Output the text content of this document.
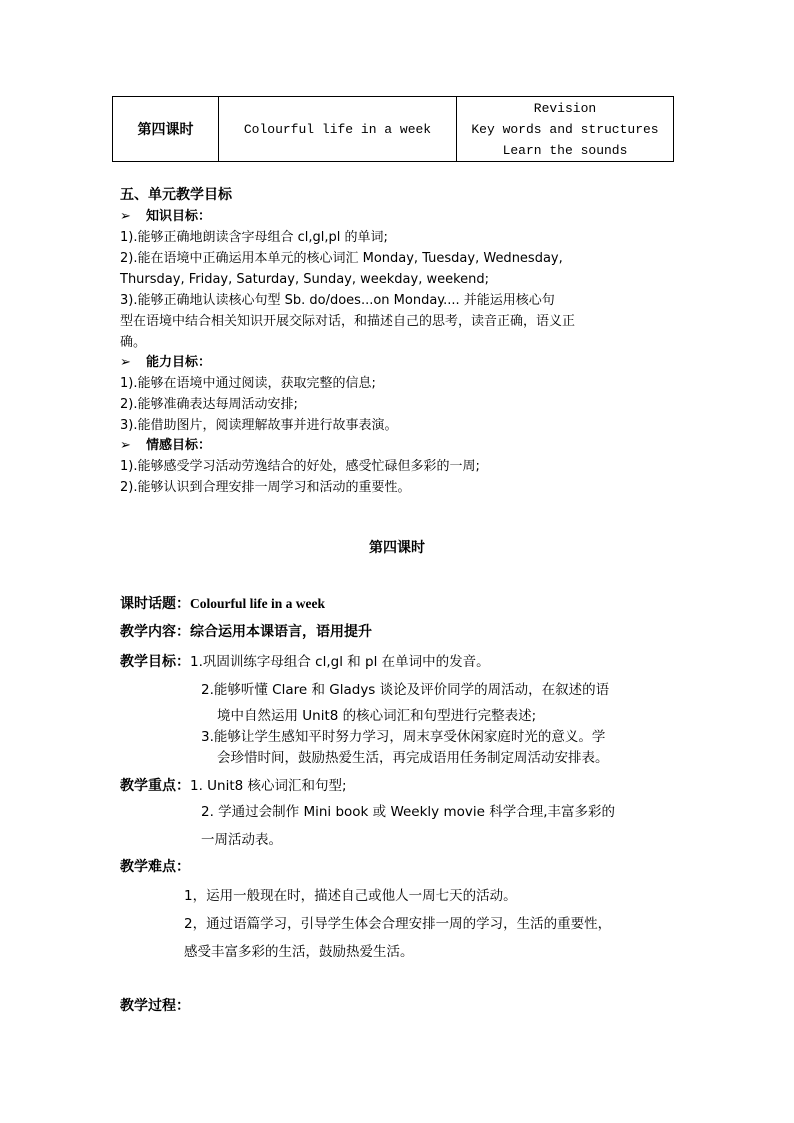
第四课时	Colourful life in a week	
Revision
Key words and structures
Learn the sounds
五、单元教学目标
➢ 知识目标：
1).能够正确地朗读含字母组合 cl,gl,pl 的单词;
2).能在语境中正确运用本单元的核心词汇 Monday, Tuesday, Wednesday,
Thursday, Friday, Saturday, Sunday, weekday, weekend;
3).能够正确地认读核心句型 Sb. do/does...on Monday.... 并能运用核心句
型在语境中结合相关知识开展交际对话，和描述自己的思考，读音正确，语义正
确。
➢ 能力目标：
1).能够在语境中通过阅读，获取完整的信息;
2).能够准确表达每周活动安排;
3).能借助图片，阅读理解故事并进行故事表演。
➢ 情感目标：
1).能够感受学习活动劳逸结合的好处，感受忙碌但多彩的一周;
2).能够认识到合理安排一周学习和活动的重要性。
第四课时
课时话题：Colourful life in a week
教学内容：综合运用本课语言，语用提升
教学目标：1.巩固训练字母组合 cl,gl 和 pl 在单词中的发音。
2.能够听懂 Clare 和 Gladys 谈论及评价同学的周活动，在叙述的语
境中自然运用 Unit8 的核心词汇和句型进行完整表述;
3.能够让学生感知平时努力学习，周末享受休闲家庭时光的意义。学
会珍惜时间，鼓励热爱生活，再完成语用任务制定周活动安排表。
教学重点：1. Unit8 核心词汇和句型;
2. 学通过会制作 Mini book 或 Weekly movie 科学合理,丰富多彩的
一周活动表。
教学难点：
1，运用一般现在时，描述自己或他人一周七天的活动。
2，通过语篇学习，引导学生体会合理安排一周的学习，生活的重要性，
感受丰富多彩的生活，鼓励热爱生活。
教学过程：
